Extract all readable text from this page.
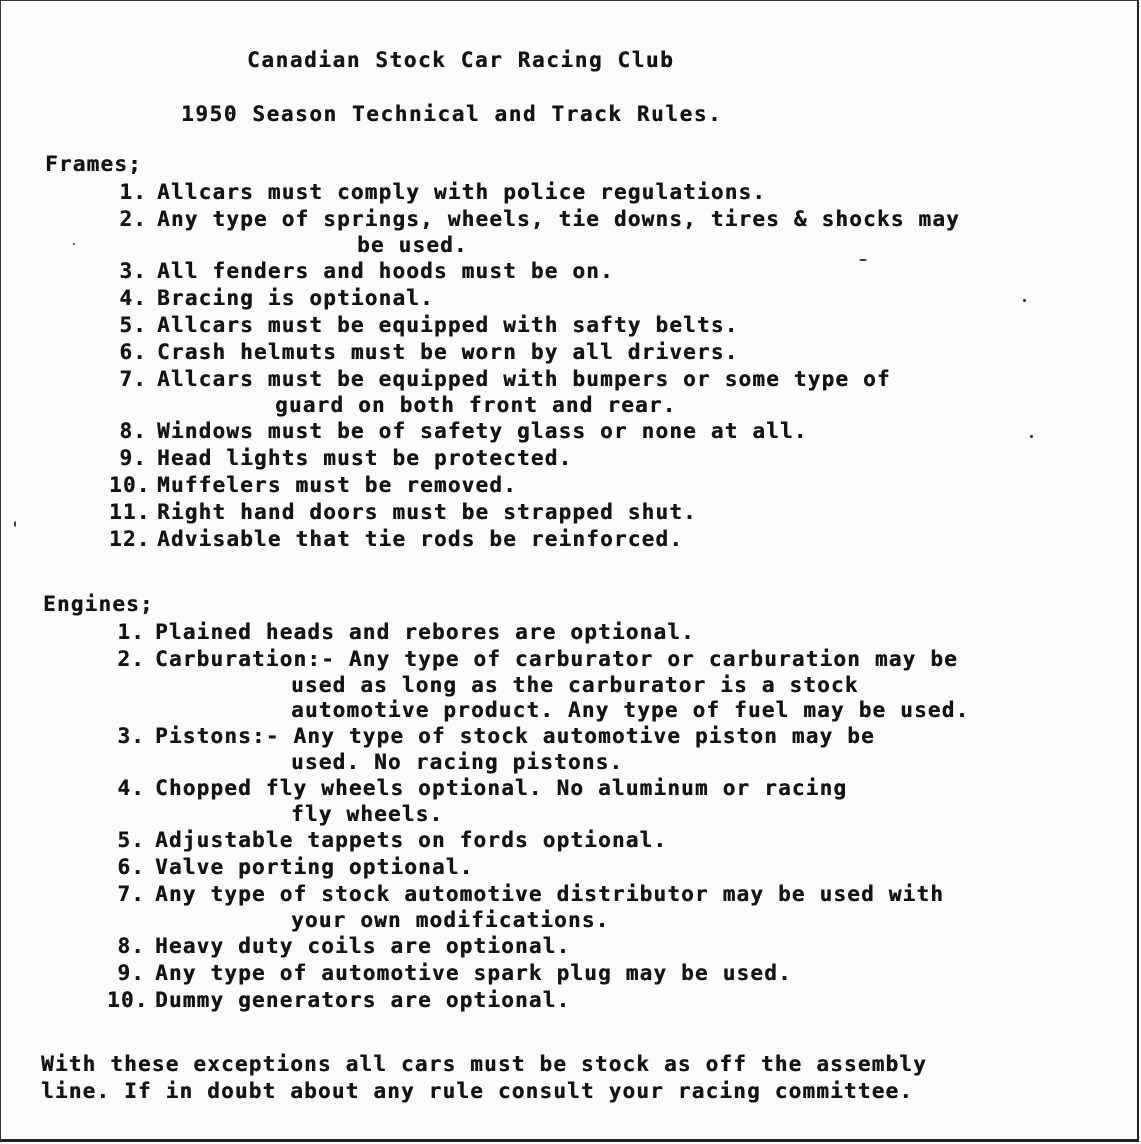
Canadian Stock Car Racing Club
1950 Season Technical and Track Rules.
Frames;
1. Allcars must comply with police regulations.
2. Any type of springs, wheels, tie downs, tires & shocks may
be used.
3. All fenders and hoods must be on.
4. Bracing is optional.
5. Allcars must be equipped with safty belts.
6. Crash helmuts must be worn by all drivers.
7. Allcars must be equipped with bumpers or some type of
guard on both front and rear.
8. Windows must be of safety glass or none at all.
9. Head lights must be protected.
10. Muffelers must be removed.
11. Right hand doors must be strapped shut.
12. Advisable that tie rods be reinforced.
Engines;
1. Plained heads and rebores are optional.
2. Carburation:- Any type of carburator or carburation may be
used as long as the carburator is a stock
automotive product. Any type of fuel may be used.
3. Pistons:- Any type of stock automotive piston may be
used. No racing pistons.
4. Chopped fly wheels optional. No aluminum or racing
fly wheels.
5. Adjustable tappets on fords optional.
6. Valve porting optional.
7. Any type of stock automotive distributor may be used with
your own modifications.
8. Heavy duty coils are optional.
9. Any type of automotive spark plug may be used.
10. Dummy generators are optional.
With these exceptions all cars must be stock as off the assembly
line. If in doubt about any rule consult your racing committee.
